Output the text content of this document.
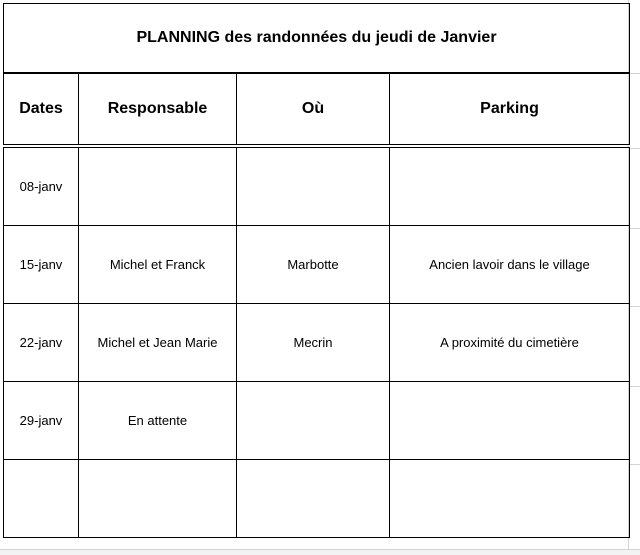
PLANNING des randonnées du jeudi de Janvier			
Dates	Responsable	Où	Parking
08-janv			
15-janv	Michel et Franck	Marbotte	Ancien lavoir dans le village
22-janv	Michel et Jean Marie	Mecrin	A proximité du cimetière
29-janv	En attente		
